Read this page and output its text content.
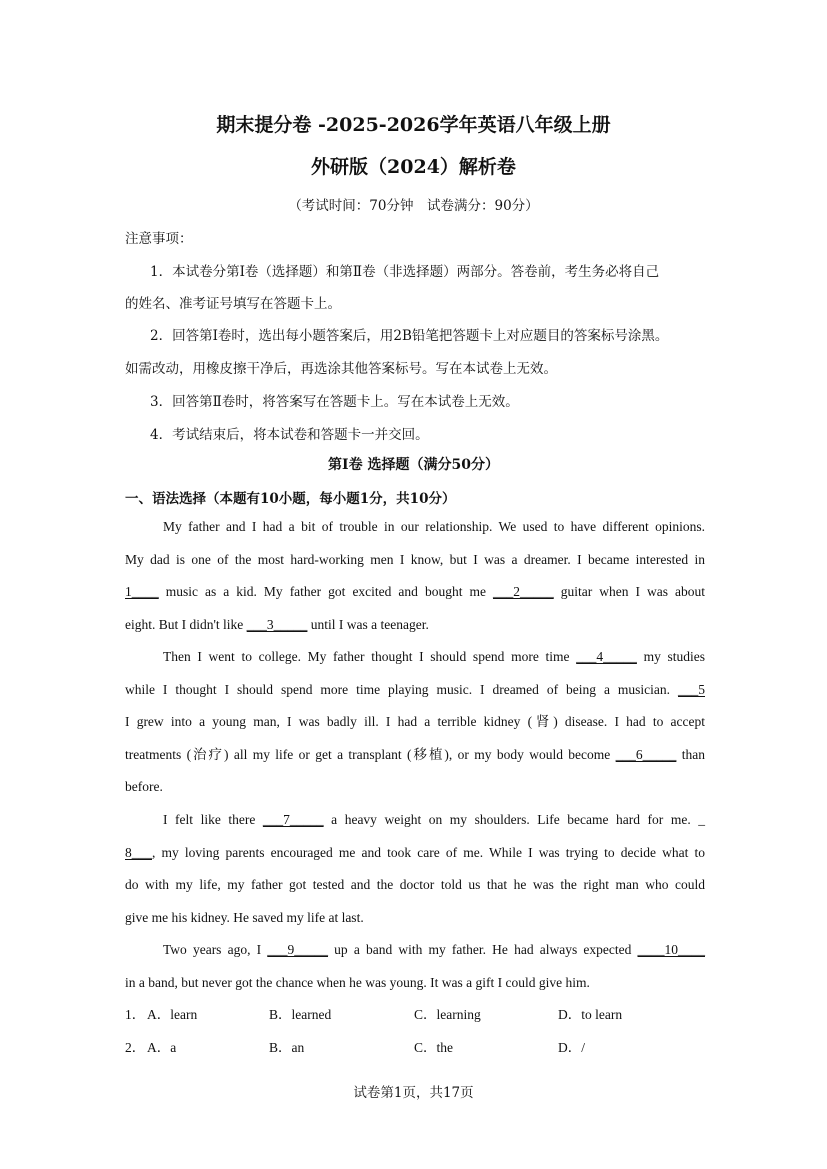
期末提分卷 -2025-2026学年英语八年级上册
外研版（2024）解析卷
（考试时间：70分钟　试卷满分：90分）
注意事项：
1．本试卷分第Ⅰ卷（选择题）和第Ⅱ卷（非选择题）两部分。答卷前，考生务必将自己
的姓名、准考证号填写在答题卡上。
2．回答第Ⅰ卷时，选出每小题答案后，用2B铅笔把答题卡上对应题目的答案标号涂黑。
如需改动，用橡皮擦干净后，再选涂其他答案标号。写在本试卷上无效。
3．回答第Ⅱ卷时，将答案写在答题卡上。写在本试卷上无效。
4．考试结束后，将本试卷和答题卡一并交回。
第Ⅰ卷 选择题（满分50分）
一、语法选择（本题有10小题，每小题1分，共10分）
My father and I had a bit of trouble in our relationship. We used to have different opinions.
My dad is one of the most hard-working men I know, but I was a dreamer. I became interested in
1____ music as a kid. My father got excited and bought me ___2_____ guitar when I was about
eight. But I didn't like ___3_____ until I was a teenager.
Then I went to college. My father thought I should spend more time ___4_____ my studies
while I thought I should spend more time playing music. I dreamed of being a musician. ___5
I grew into a young man, I was badly ill. I had a terrible kidney (肾) disease. I had to accept
treatments (治疗) all my life or get a transplant (移植), or my body would become ___6_____ than
before.
I felt like there ___7_____ a heavy weight on my shoulders. Life became hard for me. _
8___, my loving parents encouraged me and took care of me. While I was trying to decide what to
do with my life, my father got tested and the doctor told us that he was the right man who could
give me his kidney. He saved my life at last.
Two years ago, I ___9_____ up a band with my father. He had always expected ____10____
in a band, but never got the chance when he was young. It was a gift I could give him.
1． A．learn	B．learned	C．learning	D．to learn
2． A．a	B．an	C．the	D．/
试卷第1页，共17页
